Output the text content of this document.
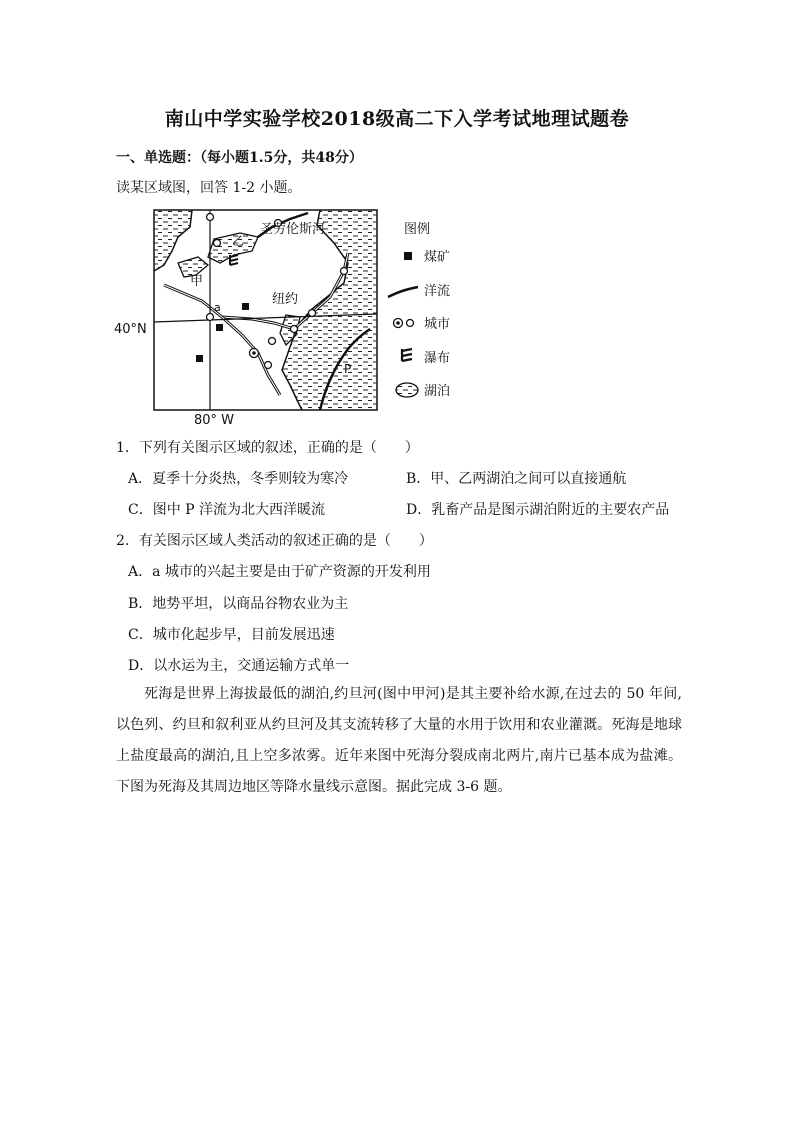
南山中学实验学校2018级高二下入学考试地理试题卷
一、单选题：（每小题1.5分，共48分）
读某区域图，回答 1-2 小题。
圣劳伦斯河
甲
乙
a
纽约
P
40°N
80° W
图例
煤矿
洋流
城市
瀑布
湖泊
1．下列有关图示区域的叙述，正确的是（　　）
A．夏季十分炎热，冬季则较为寒冷	B．甲、乙两湖泊之间可以直接通航
C．图中 P 洋流为北大西洋暖流	D．乳畜产品是图示湖泊附近的主要农产品
2．有关图示区域人类活动的叙述正确的是（　　）
A．a 城市的兴起主要是由于矿产资源的开发利用
B．地势平坦，以商品谷物农业为主
C．城市化起步早，目前发展迅速
D．以水运为主，交通运输方式单一

死海是世界上海拔最低的湖泊,约旦河(图中甲河)是其主要补给水源,在过去的 50 年间,以色列、约旦和叙利亚从约旦河及其支流转移了大量的水用于饮用和农业灌溉。死海是地球上盐度最高的湖泊,且上空多浓雾。近年来图中死海分裂成南北两片,南片已基本成为盐滩。下图为死海及其周边地区等降水量线示意图。据此完成 3-6 题。
